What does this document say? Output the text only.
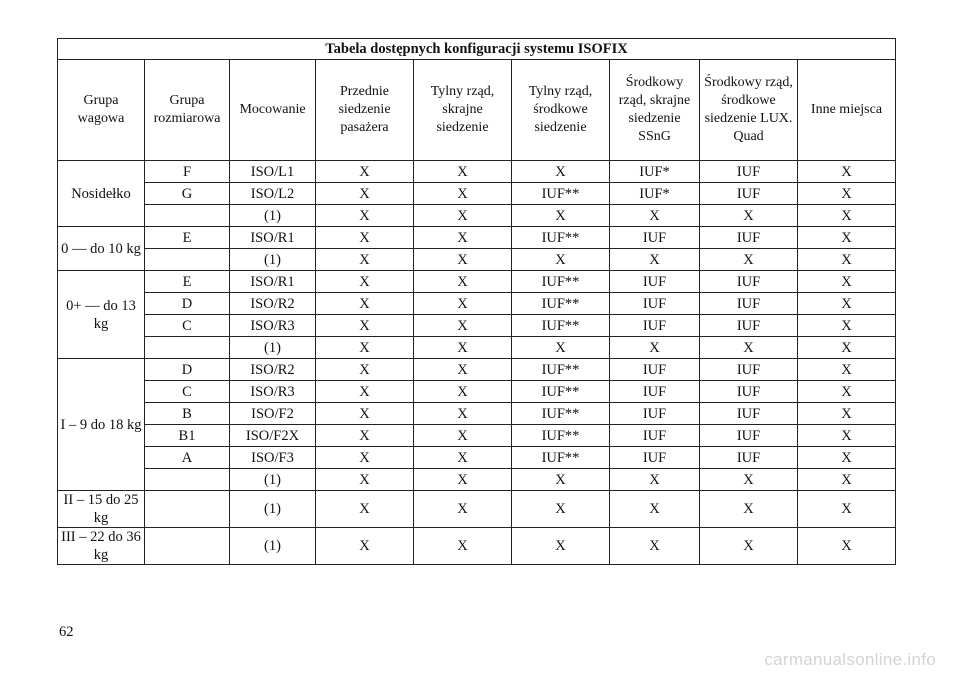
Tabela dostępnych konfiguracji systemu ISOFIX								
Grupa wagowa	Grupa rozmiarowa	Mocowanie	Przednie siedzenie pasażera	Tylny rząd, skrajne siedzenie	Tylny rząd, środkowe siedzenie	Środkowy rząd, skrajne siedzenie SSnG	Środkowy rząd, środkowe siedzenie LUX. Quad	Inne miejsca
Nosidełko	F	ISO/L1	X	X	X	IUF*	IUF	X
	G	ISO/L2	X	X	IUF**	IUF*	IUF	X
		(1)	X	X	X	X	X	X
0 — do 10 kg	E	ISO/R1	X	X	IUF**	IUF	IUF	X
		(1)	X	X	X	X	X	X
0+ — do 13 kg	E	ISO/R1	X	X	IUF**	IUF	IUF	X
	D	ISO/R2	X	X	IUF**	IUF	IUF	X
	C	ISO/R3	X	X	IUF**	IUF	IUF	X
		(1)	X	X	X	X	X	X
I – 9 do 18 kg	D	ISO/R2	X	X	IUF**	IUF	IUF	X
	C	ISO/R3	X	X	IUF**	IUF	IUF	X
	B	ISO/F2	X	X	IUF**	IUF	IUF	X
	B1	ISO/F2X	X	X	IUF**	IUF	IUF	X
	A	ISO/F3	X	X	IUF**	IUF	IUF	X
		(1)	X	X	X	X	X	X
II – 15 do 25 kg		(1)	X	X	X	X	X	X
III – 22 do 36 kg		(1)	X	X	X	X	X	X
62
carmanualsonline.info
